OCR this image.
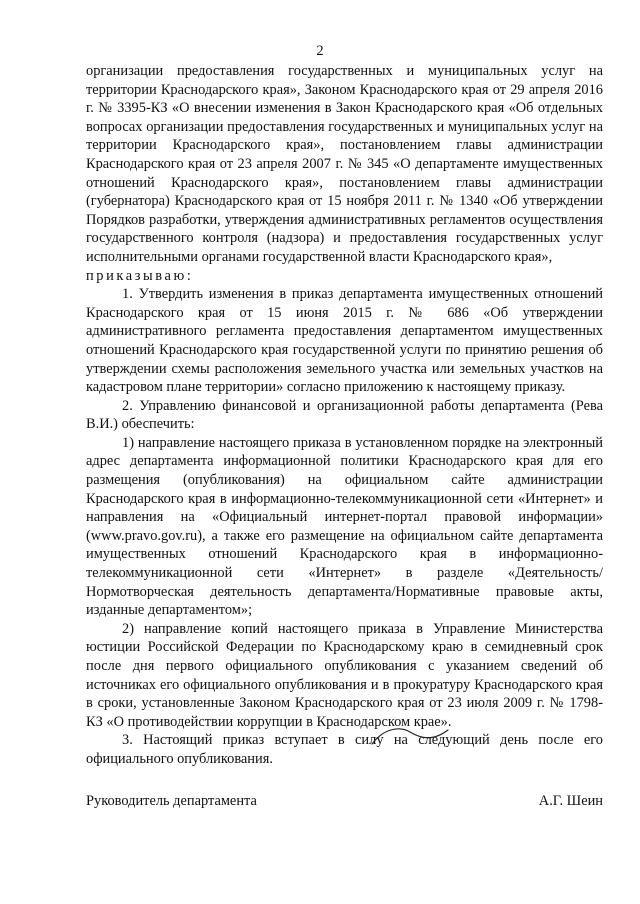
2

организации предоставления государственных и муниципальных услуг на территории Краснодарского края», Законом Краснодарского края от 29 апреля 2016 г. № 3395-КЗ «О внесении изменения в Закон Краснодарского края «Об отдельных вопросах организации предоставления государственных и муниципальных услуг на территории Краснодарского края», постановлением главы администрации Краснодарского края от 23 апреля 2007 г. № 345 «О департаменте имущественных отношений Краснодарского края», постановлением главы администрации (губернатора) Краснодарского края от 15 ноября 2011 г. № 1340 «Об утверждении Порядков разработки, утверждения административных регламентов осуществления государственного контроля (надзора) и предоставления государственных услуг исполнительными органами государственной власти Краснодарского края»,

приказываю:

1. Утвердить изменения в приказ департамента имущественных отношений Краснодарского края от 15 июня 2015 г. № 686 «Об утверждении административного регламента предоставления департаментом имущественных отношений Краснодарского края государственной услуги по принятию решения об утверждении схемы расположения земельного участка или земельных участков на кадастровом плане территории» согласно приложению к настоящему приказу.

2. Управлению финансовой и организационной работы департамента (Рева В.И.) обеспечить:

1) направление настоящего приказа в установленном порядке на электронный адрес департамента информационной политики Краснодарского края для его размещения (опубликования) на официальном сайте администрации Краснодарского края в информационно-телекоммуникационной сети «Интернет» и направления на «Официальный интернет-портал правовой информации» (www.pravo.gov.ru), а также его размещение на официальном сайте департамента имущественных отношений Краснодарского края в информационно-телекоммуникационной сети «Интернет» в разделе «Деятельность/Нормотворческая деятельность департамента/Нормативные правовые акты, изданные департаментом»;

2) направление копий настоящего приказа в Управление Министерства юстиции Российской Федерации по Краснодарскому краю в семидневный срок после дня первого официального опубликования с указанием сведений об источниках его официального опубликования и в прокуратуру Краснодарского края в сроки, установленные Законом Краснодарского края от 23 июля 2009 г. № 1798-КЗ «О противодействии коррупции в Краснодарском крае».

3. Настоящий приказ вступает в силу на следующий день после его официального опубликования.

Руководитель департамента	А.Г. Шеин
